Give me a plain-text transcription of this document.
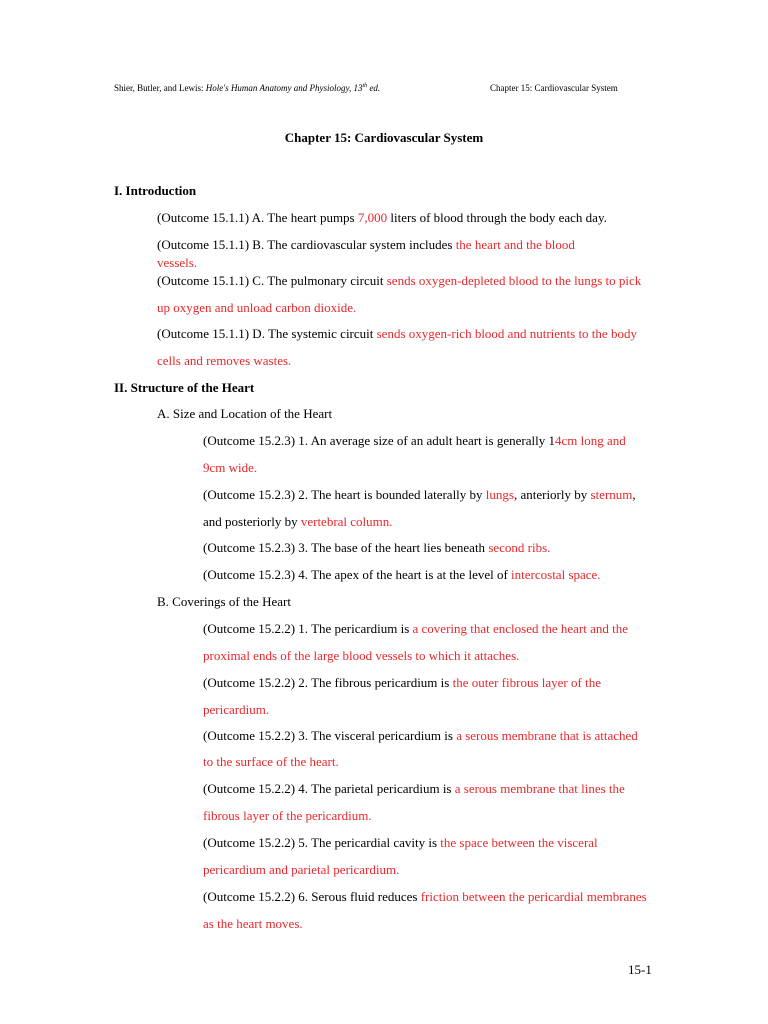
Shier, Butler, and Lewis: Hole's Human Anatomy and Physiology, 13th ed.	Chapter 15: Cardiovascular System
Chapter 15: Cardiovascular System
I. Introduction
(Outcome 15.1.1) A. The heart pumps 7,000 liters of blood through the body each day.
(Outcome 15.1.1) B. The cardiovascular system includes the heart and the blood
vessels.
(Outcome 15.1.1) C. The pulmonary circuit sends oxygen-depleted blood to the lungs to pick
up oxygen and unload carbon dioxide.
(Outcome 15.1.1) D. The systemic circuit sends oxygen-rich blood and nutrients to the body
cells and removes wastes.
II. Structure of the Heart
A. Size and Location of the Heart
(Outcome 15.2.3) 1. An average size of an adult heart is generally 14cm long and
9cm wide.
(Outcome 15.2.3) 2. The heart is bounded laterally by lungs, anteriorly by sternum,
and posteriorly by vertebral column.
(Outcome 15.2.3) 3. The base of the heart lies beneath second ribs.
(Outcome 15.2.3) 4. The apex of the heart is at the level of intercostal space.
B. Coverings of the Heart
(Outcome 15.2.2) 1. The pericardium is a covering that enclosed the heart and the
proximal ends of the large blood vessels to which it attaches.
(Outcome 15.2.2) 2. The fibrous pericardium is the outer fibrous layer of the
pericardium.
(Outcome 15.2.2) 3. The visceral pericardium is a serous membrane that is attached
to the surface of the heart.
(Outcome 15.2.2) 4. The parietal pericardium is a serous membrane that lines the
fibrous layer of the pericardium.
(Outcome 15.2.2) 5. The pericardial cavity is the space between the visceral
pericardium and parietal pericardium.
(Outcome 15.2.2) 6. Serous fluid reduces friction between the pericardial membranes
as the heart moves.
15-1
